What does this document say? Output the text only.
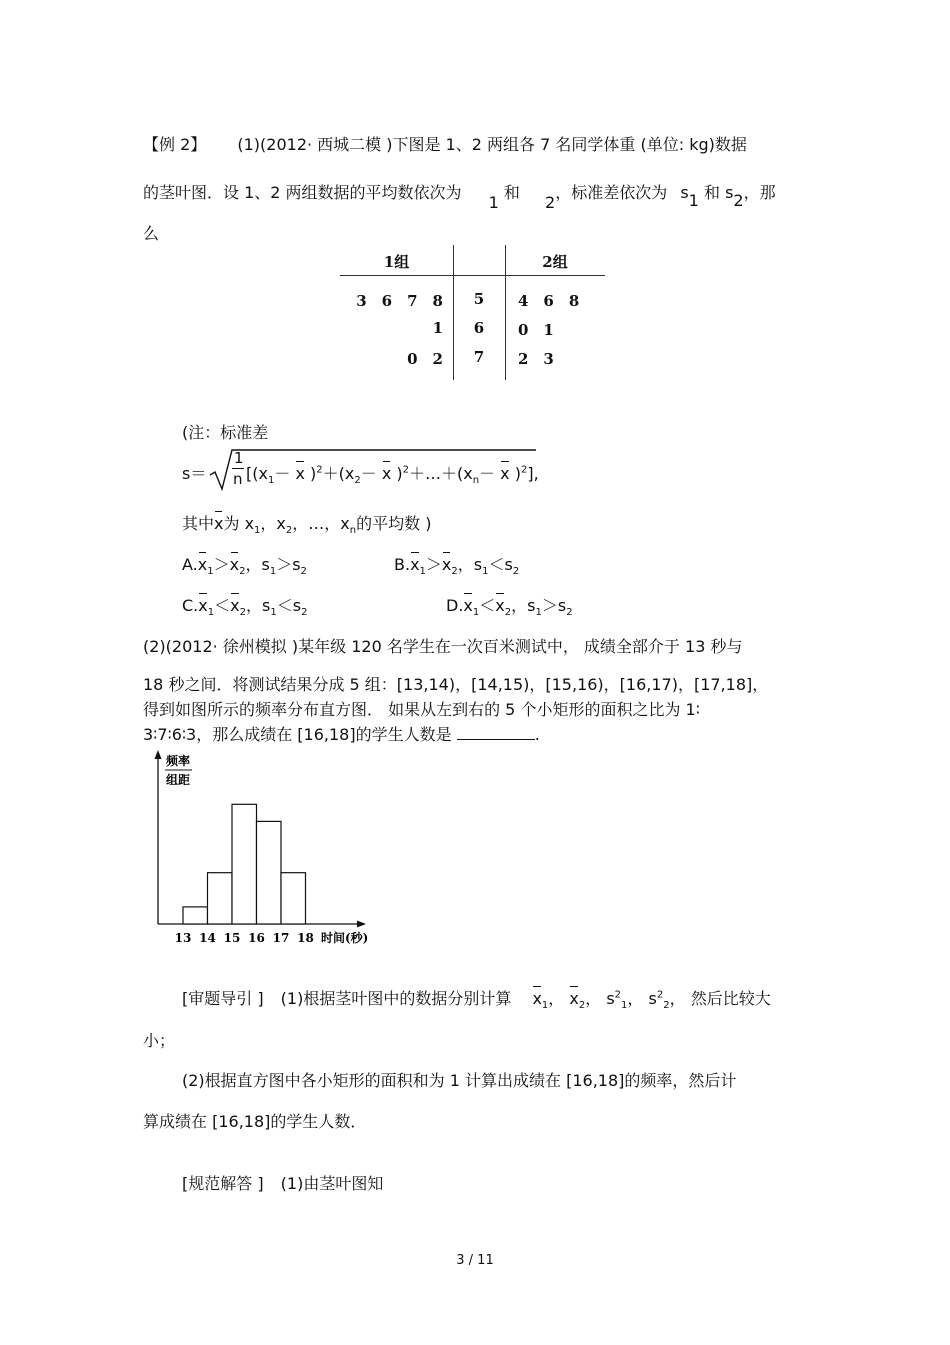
【例 2】 (1)(2012· 西城二模 )下图是 1、2 两组各 7 名同学体重 (单位: kg)数据
的茎叶图．设 1、2 两组数据的平均数依次为 1 和 2，标准差依次为 s1 和 s2，那
么
1组	2组
3　6　7　8	5	4　6　8
1	6	0　1
0　2	7	2　3
(注：标准差
s＝
1
n [($x_1- x$ )$^2+(x_2- x$ )$^2+\dots+(x_n- x$ )$^2$],
其中x为 $x_1$，$x_2$，…，$x_n$的平均数 )
$A.x_1>x_2$，$s_1>s_2$	$B.x_1>x_2$，$s_1<s_2$
$C.x_1<x_2$，$s_1<s_2$	$D.x_1<x_2$，$s_1>s_2$
(2)(2012· 徐州模拟 )某年级 120 名学生在一次百米测试中， 成绩全部介于 13 秒与
18 秒之间．将测试结果分成 5 组：[13,14)，[14,15)，[15,16)，[16,17)，[17,18]，
得到如图所示的频率分布直方图． 如果从左到右的 5 个小矩形的面积之比为 1∶
3∶7∶6∶3，那么成绩在 [16,18]的学生人数是	.
频率
组距
13 14 15 16 17 18 时间(秒)
[审题导引 ] (1)根据茎叶图中的数据分别计算 $x_1$， $x_2$， $s^2_1$， $s^2_2$， 然后比较大
小；
(2)根据直方图中各小矩形的面积和为 1 计算出成绩在 [16,18]的频率，然后计
算成绩在 [16,18]的学生人数．
[规范解答 ] (1)由茎叶图知
3 / 11
